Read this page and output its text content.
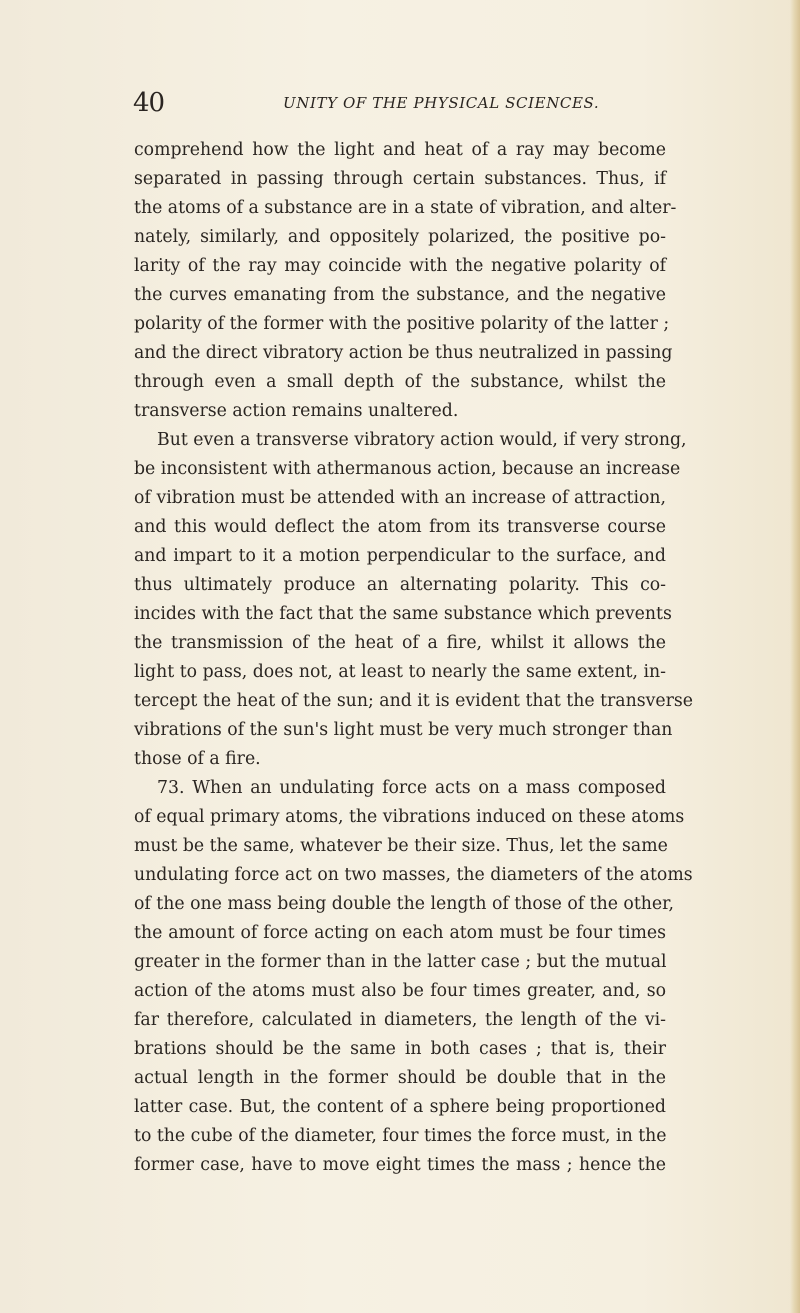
40	UNITY OF THE PHYSICAL SCIENCES.
comprehend how the light and heat of a ray may become
separated in passing through certain substances. Thus, if
the atoms of a substance are in a state of vibration, and alter-
nately, similarly, and oppositely polarized, the positive po-
larity of the ray may coincide with the negative polarity of
the curves emanating from the substance, and the negative
polarity of the former with the positive polarity of the latter ;
and the direct vibratory action be thus neutralized in passing
through even a small depth of the substance, whilst the
transverse action remains unaltered.
But even a transverse vibratory action would, if very strong,
be inconsistent with athermanous action, because an increase
of vibration must be attended with an increase of attraction,
and this would deflect the atom from its transverse course
and impart to it a motion perpendicular to the surface, and
thus ultimately produce an alternating polarity. This co-
incides with the fact that the same substance which prevents
the transmission of the heat of a fire, whilst it allows the
light to pass, does not, at least to nearly the same extent, in-
tercept the heat of the sun; and it is evident that the transverse
vibrations of the sun's light must be very much stronger than
those of a fire.
73. When an undulating force acts on a mass composed
of equal primary atoms, the vibrations induced on these atoms
must be the same, whatever be their size. Thus, let the same
undulating force act on two masses, the diameters of the atoms
of the one mass being double the length of those of the other,
the amount of force acting on each atom must be four times
greater in the former than in the latter case ; but the mutual
action of the atoms must also be four times greater, and, so
far therefore, calculated in diameters, the length of the vi-
brations should be the same in both cases ; that is, their
actual length in the former should be double that in the
latter case. But, the content of a sphere being proportioned
to the cube of the diameter, four times the force must, in the
former case, have to move eight times the mass ; hence the
